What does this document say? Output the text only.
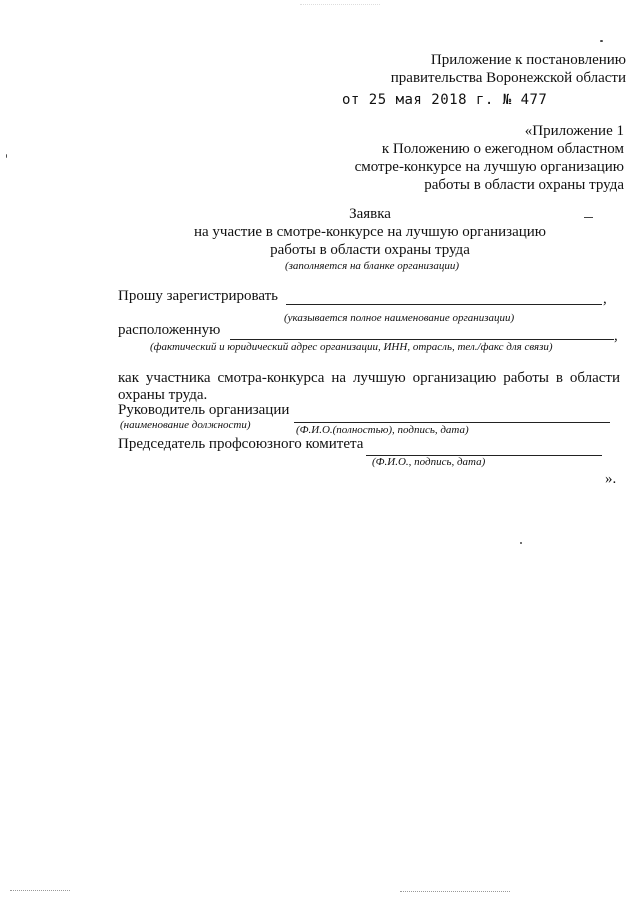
Приложение к постановлению
правительства Воронежской области
от 25 мая 2018 г. № 477
«Приложение 1
к Положению о ежегодном областном
смотре-конкурсе на лучшую организацию
работы в области охраны труда
Заявка
на участие в смотре-конкурсе на лучшую организацию
работы в области охраны труда
(заполняется на бланке организации)
Прошу зарегистрировать	,
(указывается полное наименование организации)
расположенную	,
(фактический и юридический адрес организации, ИНН, отрасль, тел./факс для связи)
как участника смотра-конкурса на лучшую организацию работы в области охраны труда.
Руководитель организации
(наименование должности)	(Ф.И.О.(полностью), подпись, дата)
Председатель профсоюзного комитета
(Ф.И.О., подпись, дата)
».
